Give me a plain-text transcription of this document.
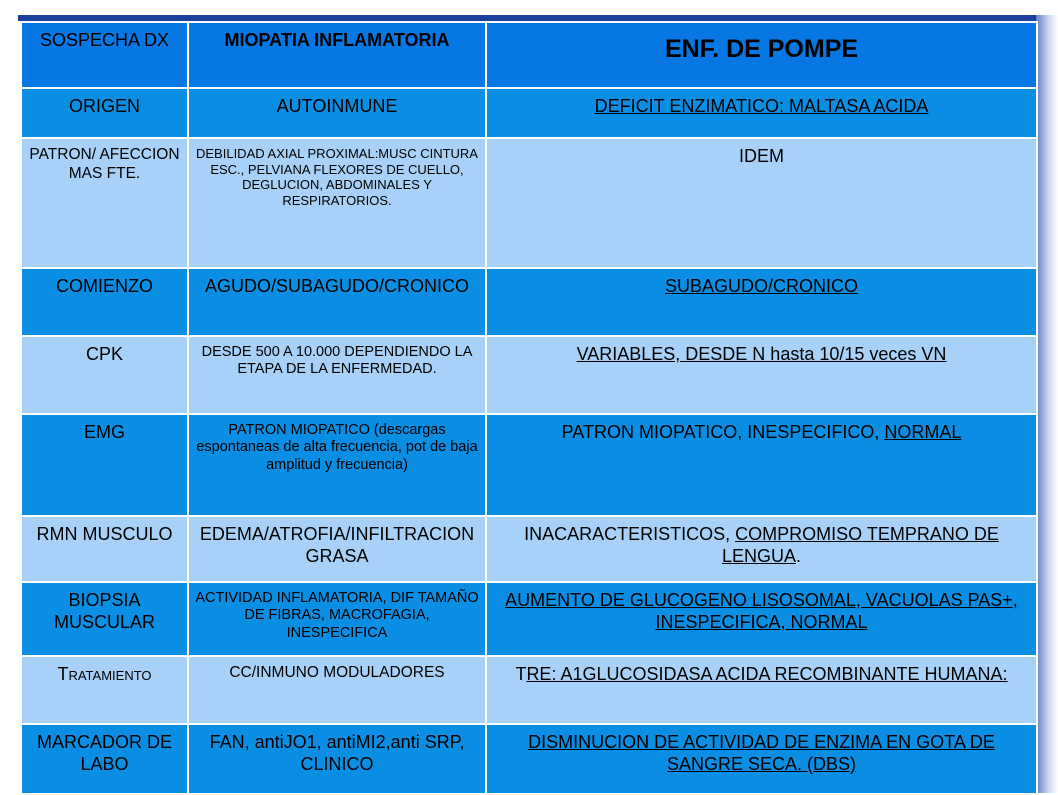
SOSPECHA DX	MIOPATIA INFLAMATORIA	ENF. DE POMPE
ORIGEN	AUTOINMUNE	DEFICIT ENZIMATICO: MALTASA ACIDA
PATRON/ AFECCION MAS FTE.	DEBILIDAD AXIAL PROXIMAL:MUSC CINTURA ESC., PELVIANA FLEXORES DE CUELLO, DEGLUCION, ABDOMINALES Y RESPIRATORIOS.	IDEM
COMIENZO	AGUDO/SUBAGUDO/CRONICO	SUBAGUDO/CRONICO
CPK	DESDE 500 A 10.000 DEPENDIENDO LA ETAPA DE LA ENFERMEDAD.	VARIABLES, DESDE N hasta 10/15 veces VN
EMG	PATRON MIOPATICO (descargas espontaneas de alta frecuencia, pot de baja amplitud y frecuencia)	PATRON MIOPATICO, INESPECIFICO, NORMAL
RMN MUSCULO	EDEMA/ATROFIA/INFILTRACION GRASA	INACARACTERISTICOS, COMPROMISO TEMPRANO DE LENGUA.
BIOPSIA MUSCULAR	ACTIVIDAD INFLAMATORIA, DIF TAMAÑO DE FIBRAS, MACROFAGIA, INESPECIFICA	AUMENTO DE GLUCOGENO LISOSOMAL, VACUOLAS PAS+, INESPECIFICA, NORMAL
Tratamiento	CC/INMUNO MODULADORES	TRE: A1GLUCOSIDASA ACIDA RECOMBINANTE HUMANA:
MARCADOR DE LABO	FAN, antiJO1, antiMI2,anti SRP, CLINICO	DISMINUCION DE ACTIVIDAD DE ENZIMA EN GOTA DE SANGRE SECA. (DBS)
